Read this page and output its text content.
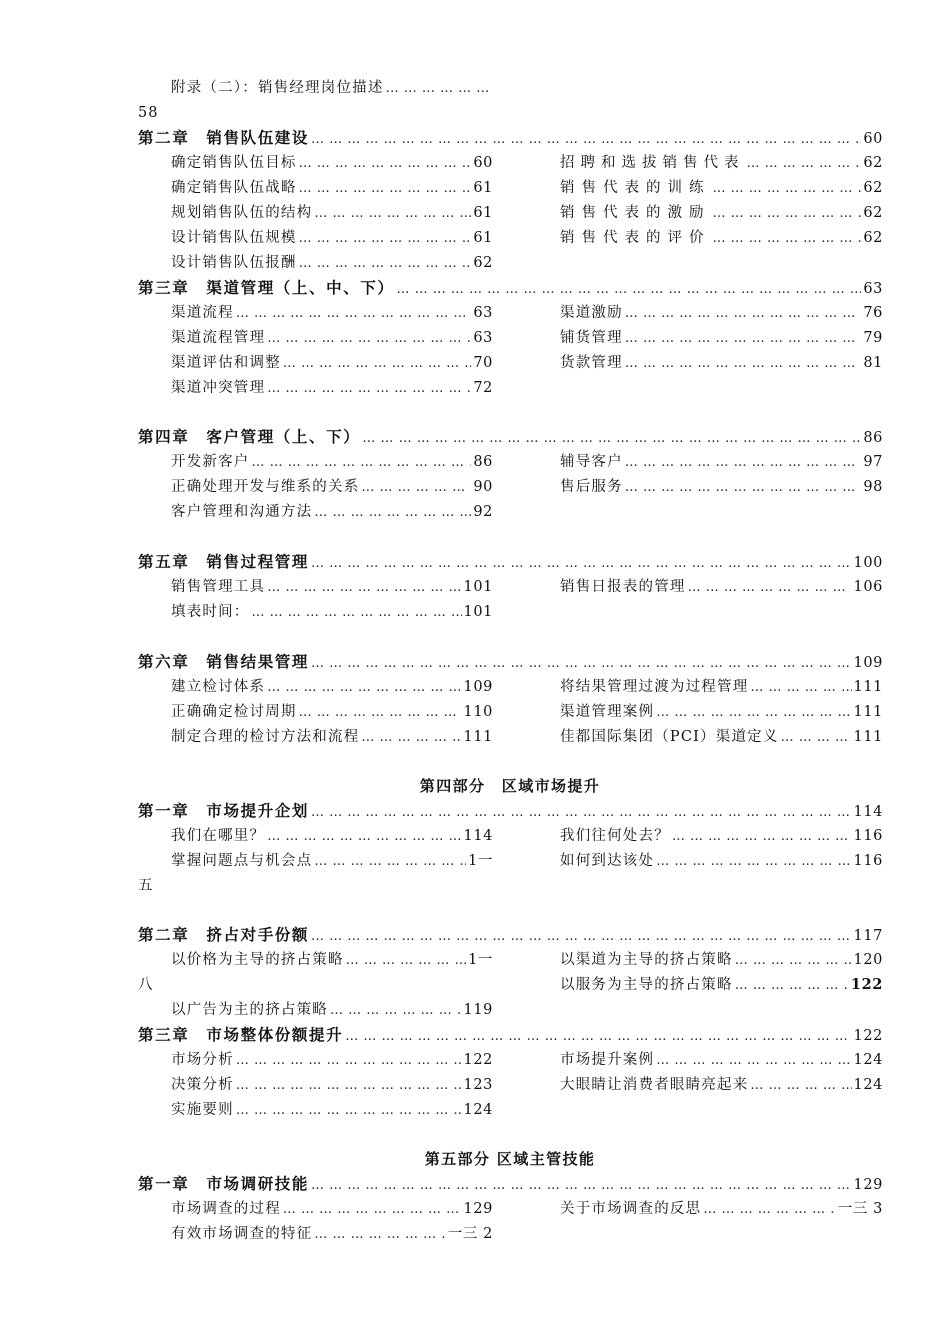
附录（二）：销售经理岗位描述
… … … … … … … … … … … … … … … … … … … … … … … … … … … … … … … … … … … … … … … … … … … … … … … … … … … … … … … … … … … … … … … … … … … … … … … … … … … … … … … … …
58
第二章　销售队伍建设 … … … … … … … … … … … … … … … … … … … … … … … … … … … … … … … … … … … … … … … … … … … … … … … … … … … … … … … … … … … … … … … … … … … … … … … … … … … … … … … … …	60
确定销售队伍目标 … … … … … … … … … … … … … … … … … … … … … … … … … … … … … … … … … … … … … … … … … … … … … … … … … … … … … … … … … … … … … … … … … … … … … … … … … … … … … … … … …	60	招聘和选拔销售代表 … … … … … … … … … … … … … … … … … … … … … … … … … … … … … … … … … … … … … … … … … … … … … … … … … … … … … … … … … … … … … … … … … … … … … … … … … … … … … … … … …	62
确定销售队伍战略 … … … … … … … … … … … … … … … … … … … … … … … … … … … … … … … … … … … … … … … … … … … … … … … … … … … … … … … … … … … … … … … … … … … … … … … … … … … … … … … … …	61	销售代表的训练 … … … … … … … … … … … … … … … … … … … … … … … … … … … … … … … … … … … … … … … … … … … … … … … … … … … … … … … … … … … … … … … … … … … … … … … … … … … … … … … … …	62
规划销售队伍的结构 … … … … … … … … … … … … … … … … … … … … … … … … … … … … … … … … … … … … … … … … … … … … … … … … … … … … … … … … … … … … … … … … … … … … … … … … … … … … … … … … …	61	销售代表的激励 … … … … … … … … … … … … … … … … … … … … … … … … … … … … … … … … … … … … … … … … … … … … … … … … … … … … … … … … … … … … … … … … … … … … … … … … … … … … … … … … …	62
设计销售队伍规模 … … … … … … … … … … … … … … … … … … … … … … … … … … … … … … … … … … … … … … … … … … … … … … … … … … … … … … … … … … … … … … … … … … … … … … … … … … … … … … … … …	61	销售代表的评价 … … … … … … … … … … … … … … … … … … … … … … … … … … … … … … … … … … … … … … … … … … … … … … … … … … … … … … … … … … … … … … … … … … … … … … … … … … … … … … … … …	62
设计销售队伍报酬 … … … … … … … … … … … … … … … … … … … … … … … … … … … … … … … … … … … … … … … … … … … … … … … … … … … … … … … … … … … … … … … … … … … … … … … … … … … … … … … … …	62
第三章　渠道管理（上、中、下） … … … … … … … … … … … … … … … … … … … … … … … … … … … … … … … … … … … … … … … … … … … … … … … … … … … … … … … … … … … … … … … … … … … … … … … … … … … … … … … … …	63
渠道流程 … … … … … … … … … … … … … … … … … … … … … … … … … … … … … … … … … … … … … … … … … … … … … … … … … … … … … … … … … … … … … … … … … … … … … … … … … … … … … … … … …	63	渠道激励 … … … … … … … … … … … … … … … … … … … … … … … … … … … … … … … … … … … … … … … … … … … … … … … … … … … … … … … … … … … … … … … … … … … … … … … … … … … … … … … … …	76
渠道流程管理 … … … … … … … … … … … … … … … … … … … … … … … … … … … … … … … … … … … … … … … … … … … … … … … … … … … … … … … … … … … … … … … … … … … … … … … … … … … … … … … … …	63	铺货管理 … … … … … … … … … … … … … … … … … … … … … … … … … … … … … … … … … … … … … … … … … … … … … … … … … … … … … … … … … … … … … … … … … … … … … … … … … … … … … … … … …	79
渠道评估和调整 … … … … … … … … … … … … … … … … … … … … … … … … … … … … … … … … … … … … … … … … … … … … … … … … … … … … … … … … … … … … … … … … … … … … … … … … … … … … … … … … …	70	货款管理 … … … … … … … … … … … … … … … … … … … … … … … … … … … … … … … … … … … … … … … … … … … … … … … … … … … … … … … … … … … … … … … … … … … … … … … … … … … … … … … … …	81
渠道冲突管理 … … … … … … … … … … … … … … … … … … … … … … … … … … … … … … … … … … … … … … … … … … … … … … … … … … … … … … … … … … … … … … … … … … … … … … … … … … … … … … … … …	72
第四章　客户管理（上、下） … … … … … … … … … … … … … … … … … … … … … … … … … … … … … … … … … … … … … … … … … … … … … … … … … … … … … … … … … … … … … … … … … … … … … … … … … … … … … … … … …	86
开发新客户 … … … … … … … … … … … … … … … … … … … … … … … … … … … … … … … … … … … … … … … … … … … … … … … … … … … … … … … … … … … … … … … … … … … … … … … … … … … … … … … … …	86	辅导客户 … … … … … … … … … … … … … … … … … … … … … … … … … … … … … … … … … … … … … … … … … … … … … … … … … … … … … … … … … … … … … … … … … … … … … … … … … … … … … … … … …	97
正确处理开发与维系的关系 … … … … … … … … … … … … … … … … … … … … … … … … … … … … … … … … … … … … … … … … … … … … … … … … … … … … … … … … … … … … … … … … … … … … … … … … … … … … … … … … …	90	售后服务 … … … … … … … … … … … … … … … … … … … … … … … … … … … … … … … … … … … … … … … … … … … … … … … … … … … … … … … … … … … … … … … … … … … … … … … … … … … … … … … … …	98
客户管理和沟通方法 … … … … … … … … … … … … … … … … … … … … … … … … … … … … … … … … … … … … … … … … … … … … … … … … … … … … … … … … … … … … … … … … … … … … … … … … … … … … … … … … …	92
第五章　销售过程管理 … … … … … … … … … … … … … … … … … … … … … … … … … … … … … … … … … … … … … … … … … … … … … … … … … … … … … … … … … … … … … … … … … … … … … … … … … … … … … … … … …	100
销售管理工具 … … … … … … … … … … … … … … … … … … … … … … … … … … … … … … … … … … … … … … … … … … … … … … … … … … … … … … … … … … … … … … … … … … … … … … … … … … … … … … … … …	101	销售日报表的管理 … … … … … … … … … … … … … … … … … … … … … … … … … … … … … … … … … … … … … … … … … … … … … … … … … … … … … … … … … … … … … … … … … … … … … … … … … … … … … … … … …	106
填表时间： … … … … … … … … … … … … … … … … … … … … … … … … … … … … … … … … … … … … … … … … … … … … … … … … … … … … … … … … … … … … … … … … … … … … … … … … … … … … … … … … …	101
第六章　销售结果管理 … … … … … … … … … … … … … … … … … … … … … … … … … … … … … … … … … … … … … … … … … … … … … … … … … … … … … … … … … … … … … … … … … … … … … … … … … … … … … … … … …	109
建立检讨体系 … … … … … … … … … … … … … … … … … … … … … … … … … … … … … … … … … … … … … … … … … … … … … … … … … … … … … … … … … … … … … … … … … … … … … … … … … … … … … … … … …	109	将结果管理过渡为过程管理 … … … … … … … … … … … … … … … … … … … … … … … … … … … … … … … … … … … … … … … … … … … … … … … … … … … … … … … … … … … … … … … … … … … … … … … … … … … … … … … … …	111
正确确定检讨周期 … … … … … … … … … … … … … … … … … … … … … … … … … … … … … … … … … … … … … … … … … … … … … … … … … … … … … … … … … … … … … … … … … … … … … … … … … … … … … … … … …	110	渠道管理案例 … … … … … … … … … … … … … … … … … … … … … … … … … … … … … … … … … … … … … … … … … … … … … … … … … … … … … … … … … … … … … … … … … … … … … … … … … … … … … … … … …	111
制定合理的检讨方法和流程 … … … … … … … … … … … … … … … … … … … … … … … … … … … … … … … … … … … … … … … … … … … … … … … … … … … … … … … … … … … … … … … … … … … … … … … … … … … … … … … … …	111	佳都国际集团（PCI）渠道定义 … … … … … … … … … … … … … … … … … … … … … … … … … … … … … … … … … … … … … … … … … … … … … … … … … … … … … … … … … … … … … … … … … … … … … … … … … … … … … … … … …	111
第四部分　区域市场提升
第一章　市场提升企划 … … … … … … … … … … … … … … … … … … … … … … … … … … … … … … … … … … … … … … … … … … … … … … … … … … … … … … … … … … … … … … … … … … … … … … … … … … … … … … … … …	114
我们在哪里？ … … … … … … … … … … … … … … … … … … … … … … … … … … … … … … … … … … … … … … … … … … … … … … … … … … … … … … … … … … … … … … … … … … … … … … … … … … … … … … … … …	114	我们往何处去？ … … … … … … … … … … … … … … … … … … … … … … … … … … … … … … … … … … … … … … … … … … … … … … … … … … … … … … … … … … … … … … … … … … … … … … … … … … … … … … … … …	116
掌握问题点与机会点 … … … … … … … … … … … … … … … … … … … … … … … … … … … … … … … … … … … … … … … … … … … … … … … … … … … … … … … … … … … … … … … … … … … … … … … … … … … … … … … … …	1一	如何到达该处 … … … … … … … … … … … … … … … … … … … … … … … … … … … … … … … … … … … … … … … … … … … … … … … … … … … … … … … … … … … … … … … … … … … … … … … … … … … … … … … … …	116
五
第二章　挤占对手份额 … … … … … … … … … … … … … … … … … … … … … … … … … … … … … … … … … … … … … … … … … … … … … … … … … … … … … … … … … … … … … … … … … … … … … … … … … … … … … … … … …	117
以价格为主导的挤占策略 … … … … … … … … … … … … … … … … … … … … … … … … … … … … … … … … … … … … … … … … … … … … … … … … … … … … … … … … … … … … … … … … … … … … … … … … … … … … … … … … …	1一	以渠道为主导的挤占策略 … … … … … … … … … … … … … … … … … … … … … … … … … … … … … … … … … … … … … … … … … … … … … … … … … … … … … … … … … … … … … … … … … … … … … … … … … … … … … … … … …	120
八	以服务为主导的挤占策略 … … … … … … … … … … … … … … … … … … … … … … … … … … … … … … … … … … … … … … … … … … … … … … … … … … … … … … … … … … … … … … … … … … … … … … … … … … … … … … … … …	122
以广告为主的挤占策略 … … … … … … … … … … … … … … … … … … … … … … … … … … … … … … … … … … … … … … … … … … … … … … … … … … … … … … … … … … … … … … … … … … … … … … … … … … … … … … … … …	119
第三章　市场整体份额提升 … … … … … … … … … … … … … … … … … … … … … … … … … … … … … … … … … … … … … … … … … … … … … … … … … … … … … … … … … … … … … … … … … … … … … … … … … … … … … … … … …	122
市场分析 … … … … … … … … … … … … … … … … … … … … … … … … … … … … … … … … … … … … … … … … … … … … … … … … … … … … … … … … … … … … … … … … … … … … … … … … … … … … … … … … …	122	市场提升案例 … … … … … … … … … … … … … … … … … … … … … … … … … … … … … … … … … … … … … … … … … … … … … … … … … … … … … … … … … … … … … … … … … … … … … … … … … … … … … … … … …	124
决策分析 … … … … … … … … … … … … … … … … … … … … … … … … … … … … … … … … … … … … … … … … … … … … … … … … … … … … … … … … … … … … … … … … … … … … … … … … … … … … … … … … …	123	大眼睛让消费者眼睛亮起来 … … … … … … … … … … … … … … … … … … … … … … … … … … … … … … … … … … … … … … … … … … … … … … … … … … … … … … … … … … … … … … … … … … … … … … … … … … … … … … … … …	124
实施要则 … … … … … … … … … … … … … … … … … … … … … … … … … … … … … … … … … … … … … … … … … … … … … … … … … … … … … … … … … … … … … … … … … … … … … … … … … … … … … … … … …	124
第五部分 区域主管技能
第一章　市场调研技能 … … … … … … … … … … … … … … … … … … … … … … … … … … … … … … … … … … … … … … … … … … … … … … … … … … … … … … … … … … … … … … … … … … … … … … … … … … … … … … … … …	129
市场调查的过程 … … … … … … … … … … … … … … … … … … … … … … … … … … … … … … … … … … … … … … … … … … … … … … … … … … … … … … … … … … … … … … … … … … … … … … … … … … … … … … … … …	129	关于市场调查的反思 … … … … … … … … … … … … … … … … … … … … … … … … … … … … … … … … … … … … … … … … … … … … … … … … … … … … … … … … … … … … … … … … … … … … … … … … … … … … … … … … …	一三 3
有效市场调查的特征 … … … … … … … … … … … … … … … … … … … … … … … … … … … … … … … … … … … … … … … … … … … … … … … … … … … … … … … … … … … … … … … … … … … … … … … … … … … … … … … … …	一三 2
